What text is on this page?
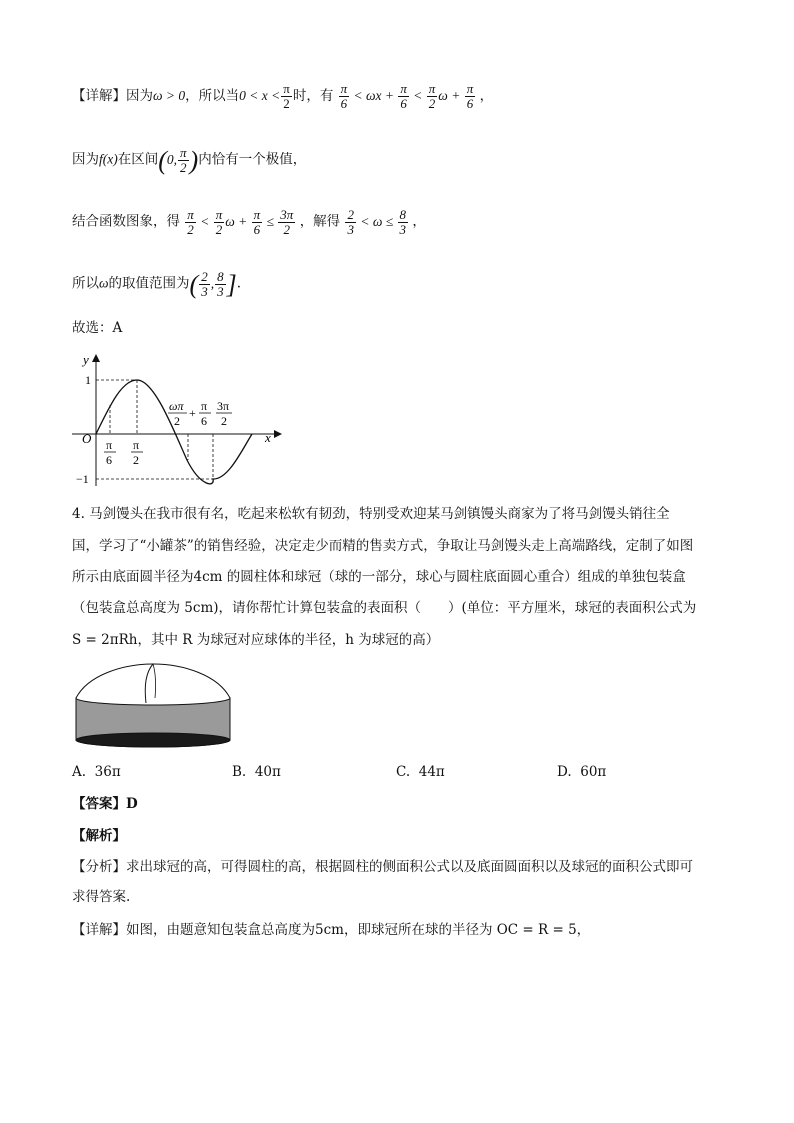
【详解】因为ω > 0，所以当$0 < x < \frac{\pi}{2}$ 时，有 $\frac{\pi}{6} < \omega x + \frac{\pi}{6} < \frac{\pi}{2}$ $\omega + \frac{\pi}{6}$ ，
因为f(x)在区间(0, $\frac{\pi}{2}$ )内恰有一个极值，
结合函数图象，得 $\frac{\pi}{2} < \frac{\pi}{2}$ $\omega + \frac{\pi}{6} \le \frac{3\pi}{2}$ ，解得 $\frac{2}{3} < \omega \le \frac{8}{3}$ ，
所以ω的取值范围为( $\frac{2}{3}$ , $\frac{8}{3}$ ].
故选：A
y
x
O
1
−1
π
6
π
2
ωπ
2
+ π
6
3π
2
4. 马剑馒头在我市很有名，吃起来松软有韧劲，特别受欢迎某马剑镇馒头商家为了将马剑馒头销往全
国，学习了“小罐茶”的销售经验，决定走少而精的售卖方式，争取让马剑馒头走上高端路线，定制了如图
所示由底面圆半径为4cm 的圆柱体和球冠（球的一部分，球心与圆柱底面圆心重合）组成的单独包装盒
（包装盒总高度为 5cm)，请你帮忙计算包装盒的表面积（　　）(单位：平方厘米，球冠的表面积公式为
S = 2πRh，其中 R 为球冠对应球体的半径，h 为球冠的高）
A. 36π	B. 40π	C. 44π	D. 60π
【答案】D
【解析】
【分析】求出球冠的高，可得圆柱的高，根据圆柱的侧面积公式以及底面圆面积以及球冠的面积公式即可
求得答案.
【详解】如图，由题意知包装盒总高度为5cm，即球冠所在球的半径为 OC = R = 5，
